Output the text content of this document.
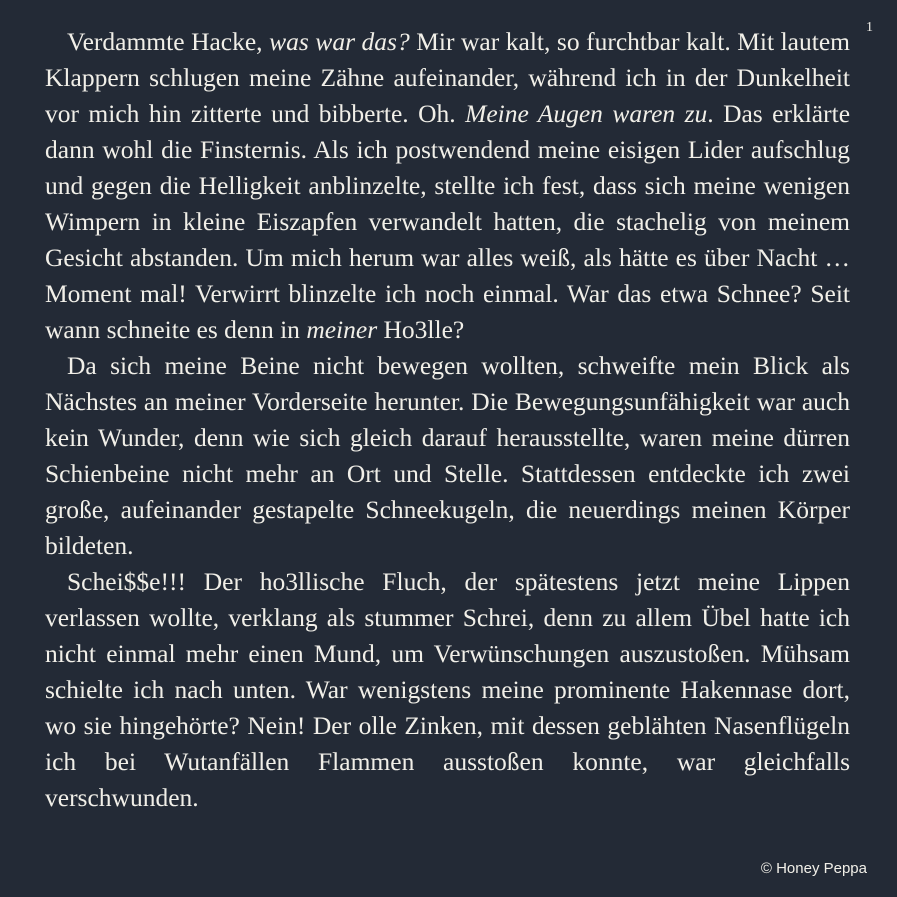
1

Verdammte Hacke, was war das? Mir war kalt, so furchtbar kalt. Mit lautem Klappern schlugen meine Zähne aufeinander, während ich in der Dunkelheit vor mich hin zitterte und bibberte. Oh. Meine Augen waren zu. Das erklärte dann wohl die Finsternis. Als ich postwendend meine eisigen Lider aufschlug und gegen die Helligkeit anblinzelte, stellte ich fest, dass sich meine wenigen Wimpern in kleine Eiszapfen verwandelt hatten, die stachelig von meinem Gesicht abstanden. Um mich herum war alles weiß, als hätte es über Nacht … Moment mal! Verwirrt blinzelte ich noch einmal. War das etwa Schnee? Seit wann schneite es denn in meiner Ho3lle?

Da sich meine Beine nicht bewegen wollten, schweifte mein Blick als Nächstes an meiner Vorderseite herunter. Die Bewegungsunfähigkeit war auch kein Wunder, denn wie sich gleich darauf herausstellte, waren meine dürren Schienbeine nicht mehr an Ort und Stelle. Stattdessen entdeckte ich zwei große, aufeinander gestapelte Schneekugeln, die neuerdings meinen Körper bildeten.

Schei$$e!!! Der ho3llische Fluch, der spätestens jetzt meine Lippen verlassen wollte, verklang als stummer Schrei, denn zu allem Übel hatte ich nicht einmal mehr einen Mund, um Verwünschungen auszustoßen. Mühsam schielte ich nach unten. War wenigstens meine prominente Hakennase dort, wo sie hingehörte? Nein! Der olle Zinken, mit dessen geblähten Nasenflügeln ich bei Wutanfällen Flammen ausstoßen konnte, war gleichfalls verschwunden.

© Honey Peppa
